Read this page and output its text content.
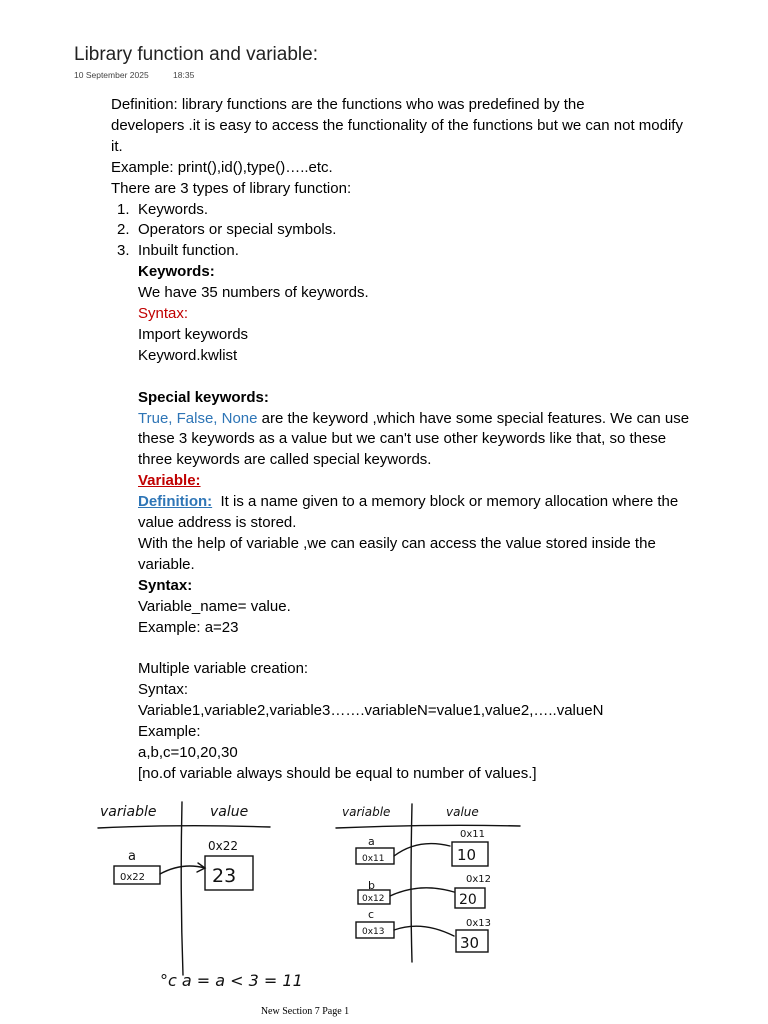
Library function and variable:
10 September 2025	18:35

Definition: library functions are the functions who was predefined by the

developers .it is easy to access the functionality of the functions but we can not modify

it.

Example: print(),id(),type()…..etc.

There are 3 types of library function:

1. Keywords.
2. Operators or special symbols.
3. Inbuilt function.

Keywords:

We have 35 numbers of keywords.

Syntax:

Import keywords

Keyword.kwlist

Special keywords:

True, False, None are the keyword ,which have some special features. We can use

these 3 keywords as a value but we can't use other keywords like that, so these

three keywords are called special keywords.

Variable:

Definition:  It is a name given to a memory block or memory allocation where the

value address is stored.

With the help of variable ,we can easily can access the value stored inside the

variable.

Syntax:

Variable_name= value.

Example: a=23

Multiple variable creation:

Syntax:

Variable1,variable2,variable3…….variableN=value1,value2,…..valueN

Example:

a,b,c=10,20,30

[no.of variable always should be equal to number of values.]

variable	value
a
0x22
0x22
23
variable	value
a
0x11
0x11
10
b
0x12
0x12
20
c
0x13
0x13
30
°c a = a < 3 = 11
New Section 7 Page 1
